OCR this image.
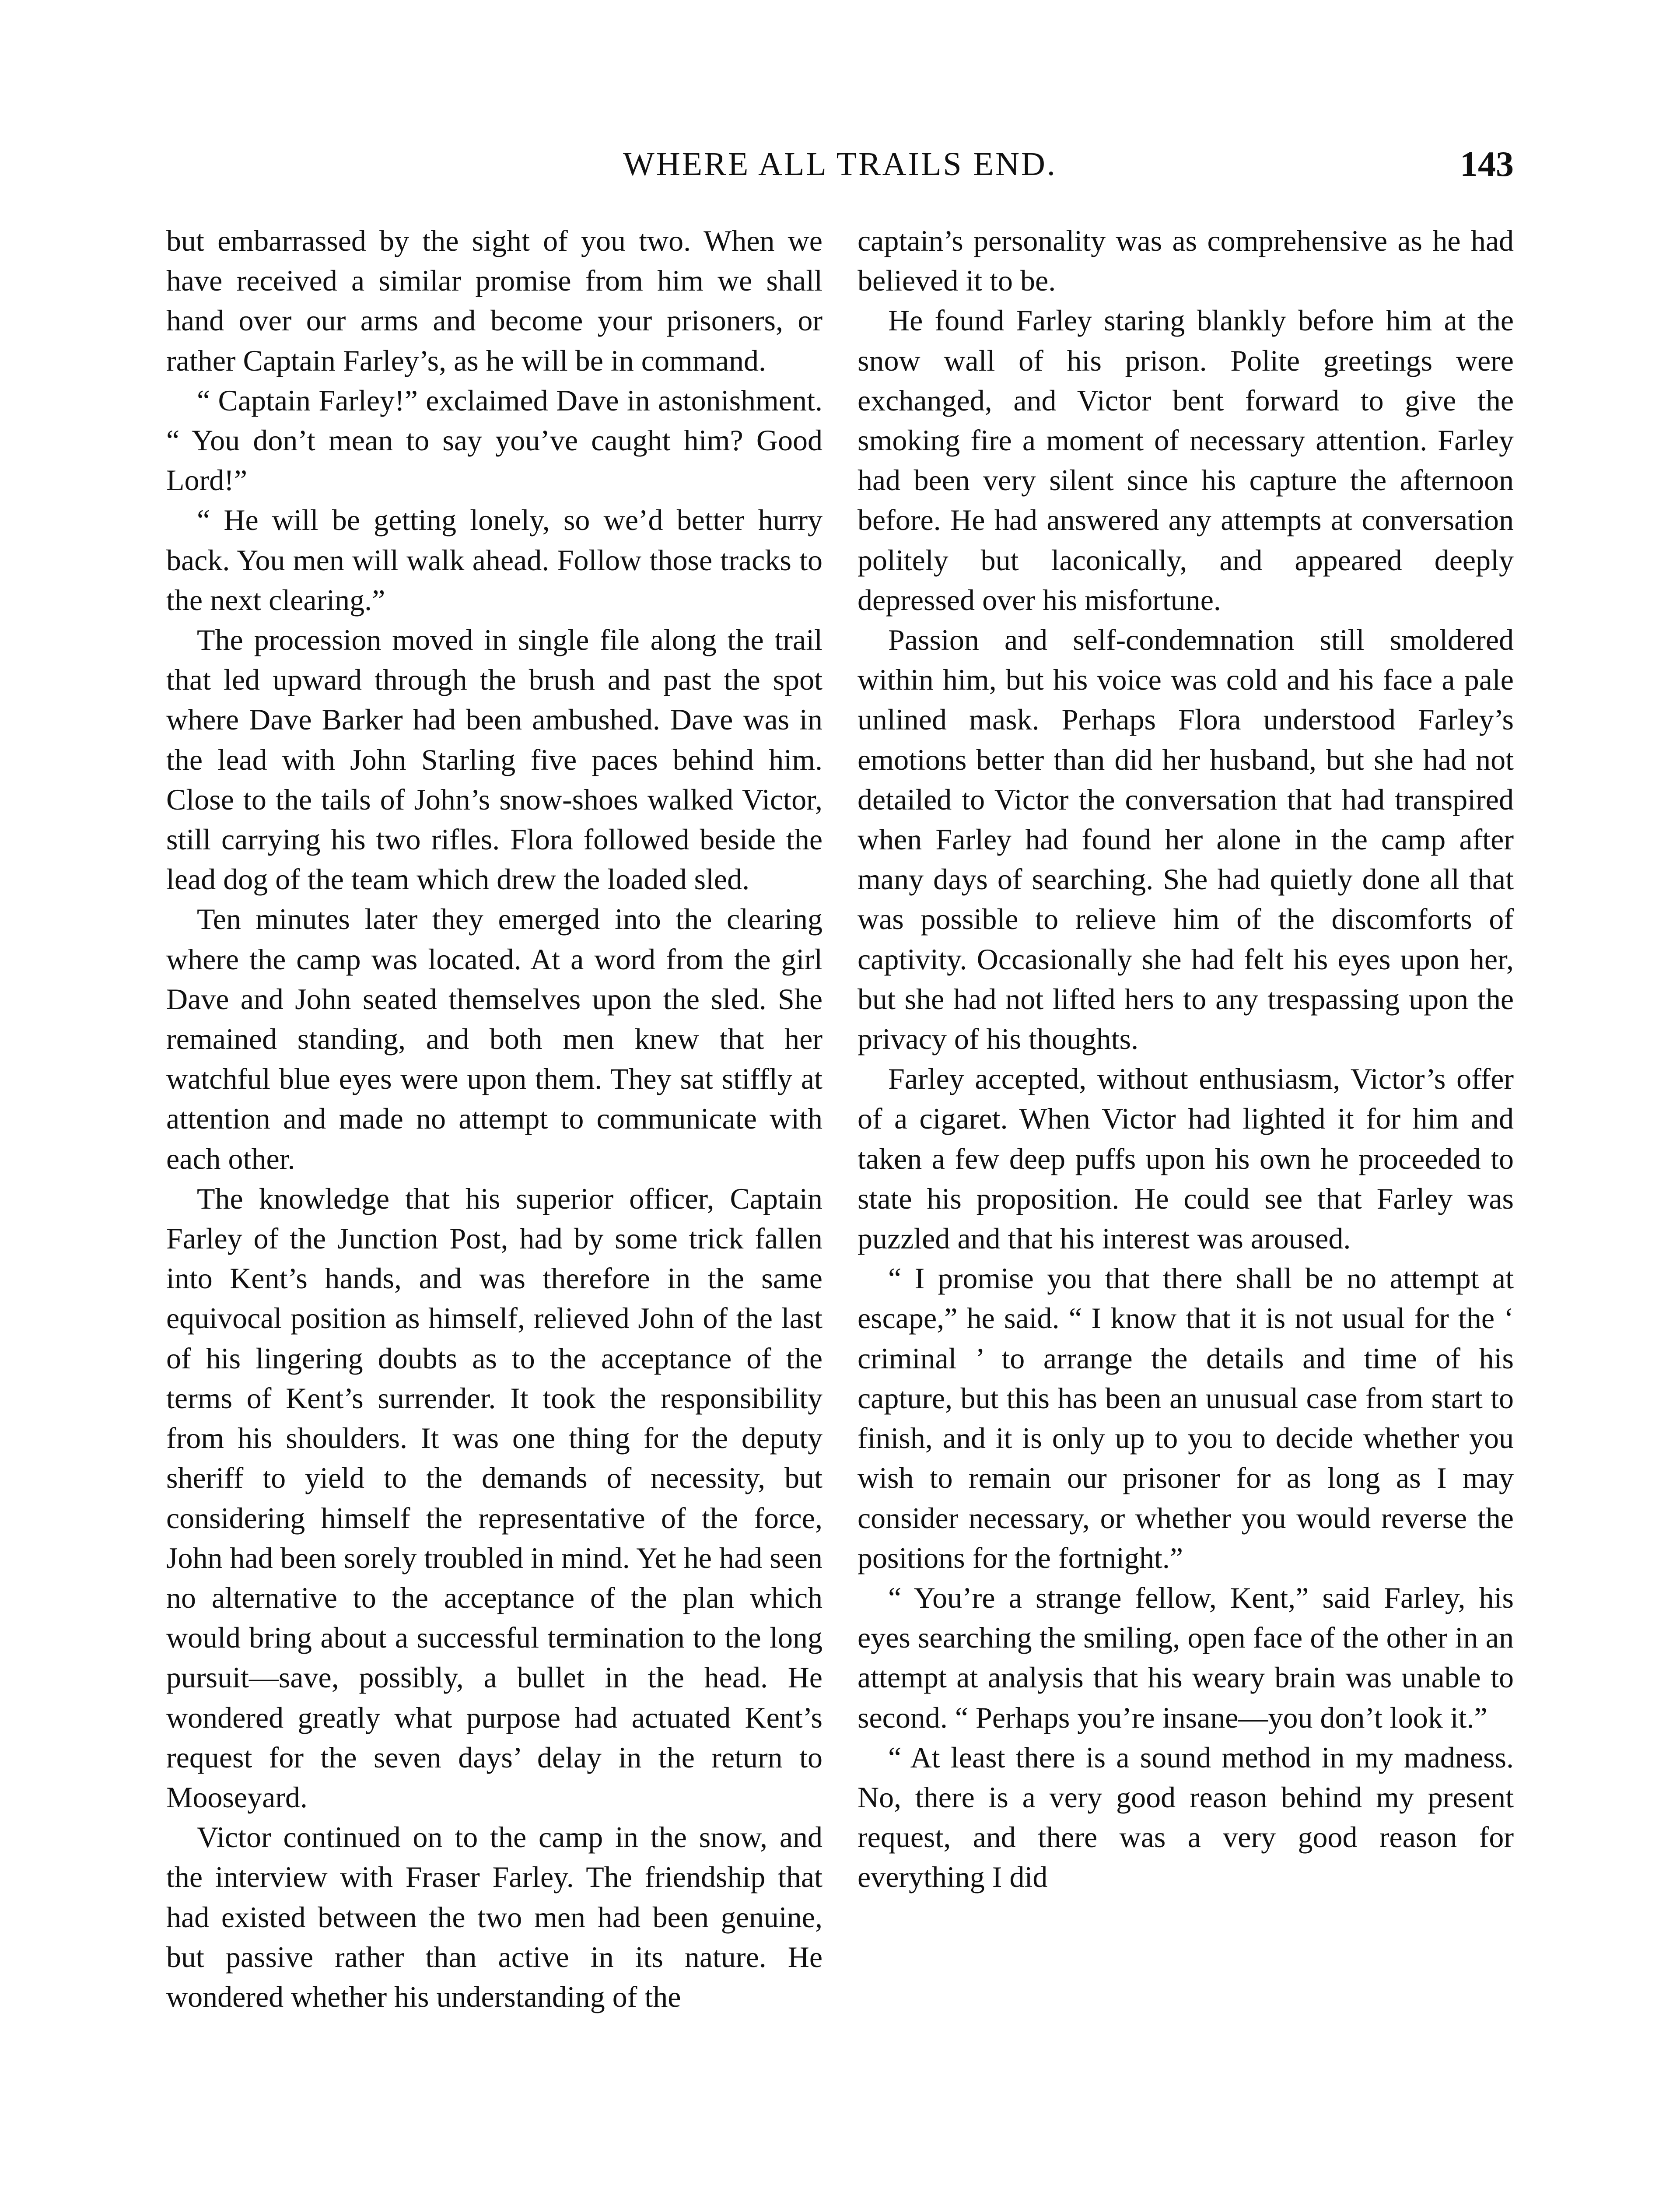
WHERE ALL TRAILS END.	143

but embarrassed by the sight of you two. When we have received a similar promise from him we shall hand over our arms and become your prisoners, or rather Captain Farley’s, as he will be in command.

“ Captain Farley!” exclaimed Dave in astonishment. “ You don’t mean to say you’ve caught him? Good Lord!”

“ He will be getting lonely, so we’d better hurry back. You men will walk ahead. Follow those tracks to the next clearing.”

The procession moved in single file along the trail that led upward through the brush and past the spot where Dave Barker had been ambushed. Dave was in the lead with John Starling five paces behind him. Close to the tails of John’s snow-shoes walked Victor, still carrying his two rifles. Flora followed beside the lead dog of the team which drew the loaded sled.

Ten minutes later they emerged into the clearing where the camp was located. At a word from the girl Dave and John seated themselves upon the sled. She remained standing, and both men knew that her watchful blue eyes were upon them. They sat stiffly at attention and made no attempt to communicate with each other.

The knowledge that his superior officer, Captain Farley of the Junction Post, had by some trick fallen into Kent’s hands, and was therefore in the same equivocal position as himself, relieved John of the last of his lingering doubts as to the acceptance of the terms of Kent’s surrender. It took the responsibility from his shoulders. It was one thing for the deputy sheriff to yield to the demands of necessity, but considering himself the representative of the force, John had been sorely troubled in mind. Yet he had seen no alternative to the acceptance of the plan which would bring about a successful termination to the long pursuit—save, possibly, a bullet in the head. He wondered greatly what purpose had actuated Kent’s request for the seven days’ delay in the return to Mooseyard.

Victor continued on to the camp in the snow, and the interview with Fraser Farley. The friendship that had existed between the two men had been genuine, but passive rather than active in its nature. He wondered whether his understanding of the

captain’s personality was as comprehensive as he had believed it to be.

He found Farley staring blankly before him at the snow wall of his prison. Polite greetings were exchanged, and Victor bent forward to give the smoking fire a moment of necessary attention. Farley had been very silent since his capture the afternoon before. He had answered any attempts at conversation politely but laconically, and appeared deeply depressed over his misfortune.

Passion and self-condemnation still smoldered within him, but his voice was cold and his face a pale unlined mask. Perhaps Flora understood Farley’s emotions better than did her husband, but she had not detailed to Victor the conversation that had transpired when Farley had found her alone in the camp after many days of searching. She had quietly done all that was possible to relieve him of the discomforts of captivity. Occasionally she had felt his eyes upon her, but she had not lifted hers to any trespassing upon the privacy of his thoughts.

Farley accepted, without enthusiasm, Victor’s offer of a cigaret. When Victor had lighted it for him and taken a few deep puffs upon his own he proceeded to state his proposition. He could see that Farley was puzzled and that his interest was aroused.

“ I promise you that there shall be no attempt at escape,” he said. “ I know that it is not usual for the ‘ criminal ’ to arrange the details and time of his capture, but this has been an unusual case from start to finish, and it is only up to you to decide whether you wish to remain our prisoner for as long as I may consider necessary, or whether you would reverse the positions for the fortnight.”

“ You’re a strange fellow, Kent,” said Farley, his eyes searching the smiling, open face of the other in an attempt at analysis that his weary brain was unable to second. “ Perhaps you’re insane—you don’t look it.”

“ At least there is a sound method in my madness. No, there is a very good reason behind my present request, and there was a very good reason for everything I did
